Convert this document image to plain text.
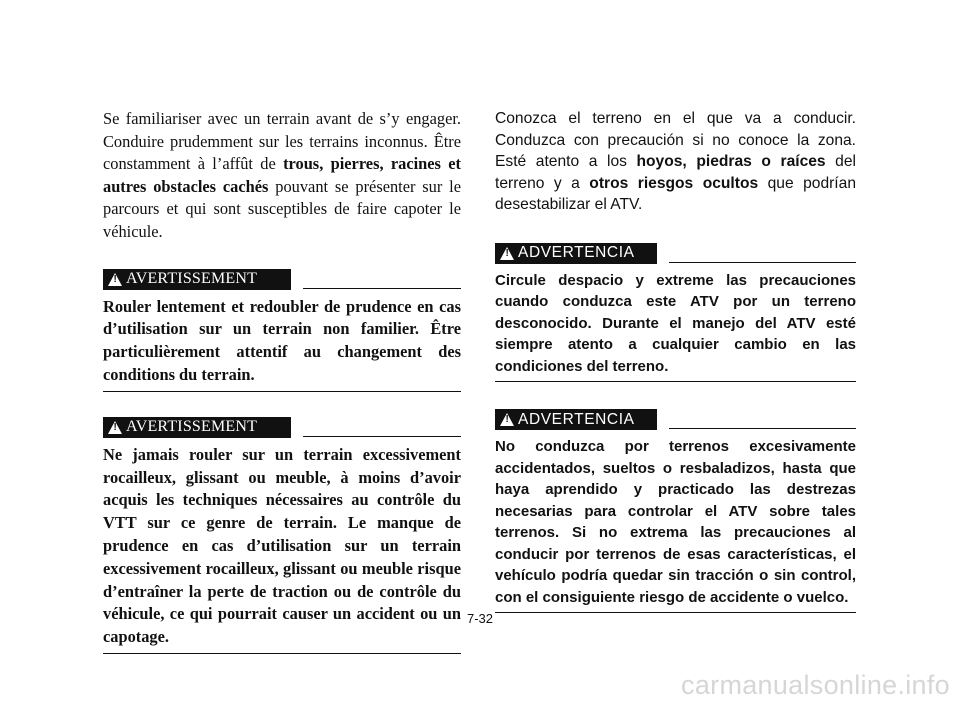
Se familiariser avec un terrain avant de s’y engager. Conduire prudemment sur les terrains inconnus. Être constamment à l’affût de trous, pierres, racines et autres obstacles cachés pouvant se présenter sur le parcours et qui sont susceptibles de faire capoter le véhicule.

! AVERTISSEMENT

Rouler lentement et redoubler de prudence en cas d’utilisation sur un terrain non familier. Être particulièrement attentif au changement des conditions du terrain.

! AVERTISSEMENT

Ne jamais rouler sur un terrain excessivement rocailleux, glissant ou meuble, à moins d’avoir acquis les techniques nécessaires au contrôle du VTT sur ce genre de terrain. Le manque de prudence en cas d’utilisation sur un terrain excessivement rocailleux, glissant ou meuble risque d’entraîner la perte de traction ou de contrôle du véhicule, ce qui pourrait causer un accident ou un capotage.

Conozca el terreno en el que va a conducir. Conduzca con precaución si no conoce la zona. Esté atento a los hoyos, piedras o raíces del terreno y a otros riesgos ocultos que podrían desestabilizar el ATV.

! ADVERTENCIA

Circule despacio y extreme las precauciones cuando conduzca este ATV por un terreno desconocido. Durante el manejo del ATV esté siempre atento a cualquier cambio en las condiciones del terreno.

! ADVERTENCIA

No conduzca por terrenos excesivamente accidentados, sueltos o resbaladizos, hasta que haya aprendido y practicado las destrezas necesarias para controlar el ATV sobre tales terrenos. Si no extrema las precauciones al conducir por terrenos de esas características, el vehículo podría quedar sin tracción o sin control, con el consiguiente riesgo de accidente o vuelco.

7-32
carmanualsonline.info
